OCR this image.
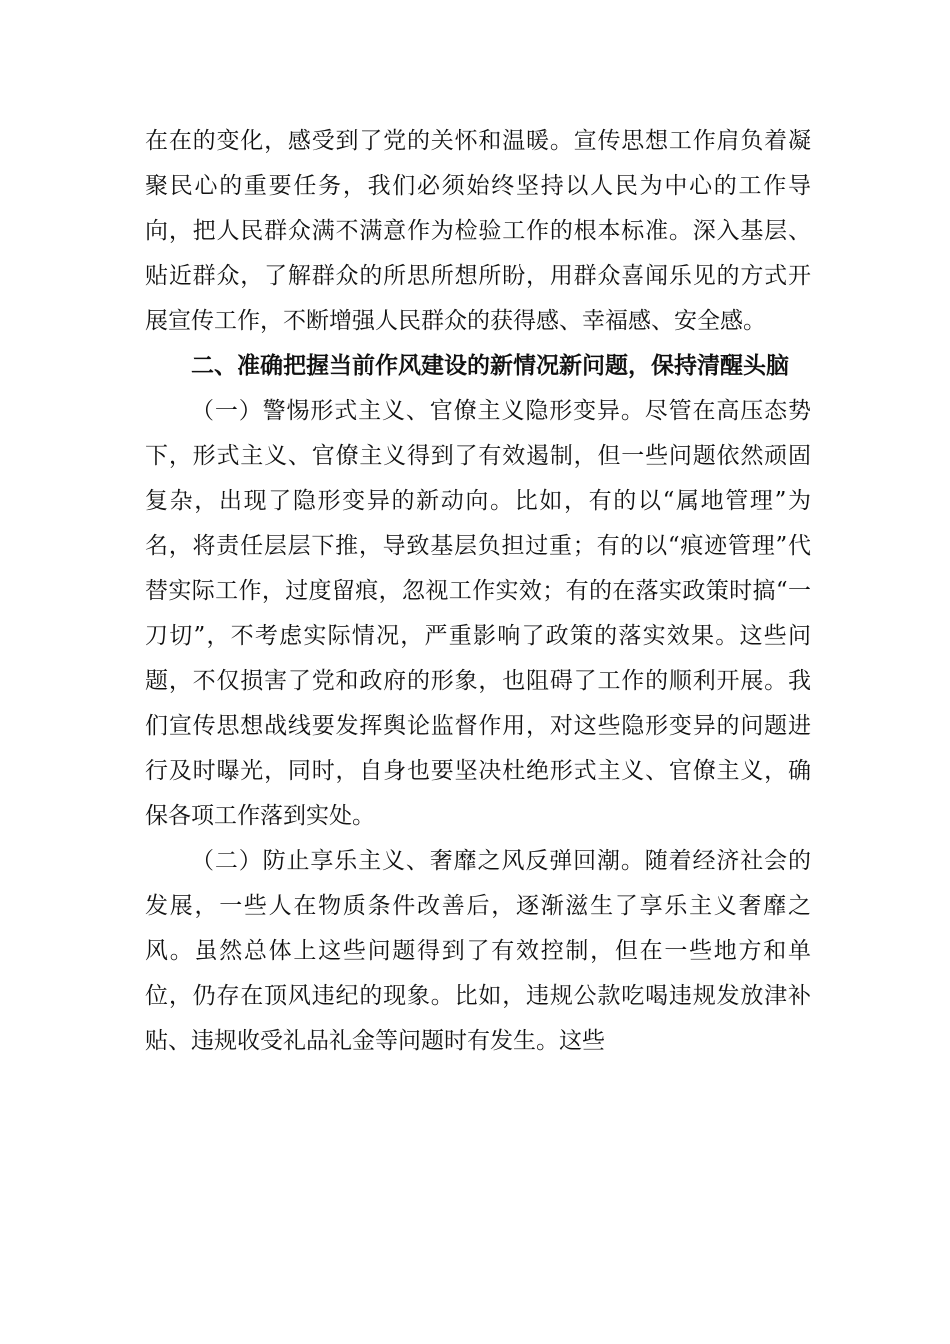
在在的变化，感受到了党的关怀和温暖。宣传思想工作肩负着凝聚民心的重要任务，我们必须始终坚持以人民为中心的工作导向，把人民群众满不满意作为检验工作的根本标准。深入基层、贴近群众，了解群众的所思所想所盼，用群众喜闻乐见的方式开展宣传工作，不断增强人民群众的获得感、幸福感、安全感。

二、准确把握当前作风建设的新情况新问题，保持清醒头脑

（一）警惕形式主义、官僚主义隐形变异。尽管在高压态势下，形式主义、官僚主义得到了有效遏制，但一些问题依然顽固复杂，出现了隐形变异的新动向。比如，有的以“属地管理”为名，将责任层层下推，导致基层负担过重；有的以“痕迹管理”代替实际工作，过度留痕，忽视工作实效；有的在落实政策时搞“一刀切”，不考虑实际情况，严重影响了政策的落实效果。这些问题，不仅损害了党和政府的形象，也阻碍了工作的顺利开展。我们宣传思想战线要发挥舆论监督作用，对这些隐形变异的问题进行及时曝光，同时，自身也要坚决杜绝形式主义、官僚主义，确保各项工作落到实处。

（二）防止享乐主义、奢靡之风反弹回潮。随着经济社会的发展，一些人在物质条件改善后，逐渐滋生了享乐主义奢靡之风。虽然总体上这些问题得到了有效控制，但在一些地方和单位，仍存在顶风违纪的现象。比如，违规公款吃喝违规发放津补贴、违规收受礼品礼金等问题时有发生。这些
